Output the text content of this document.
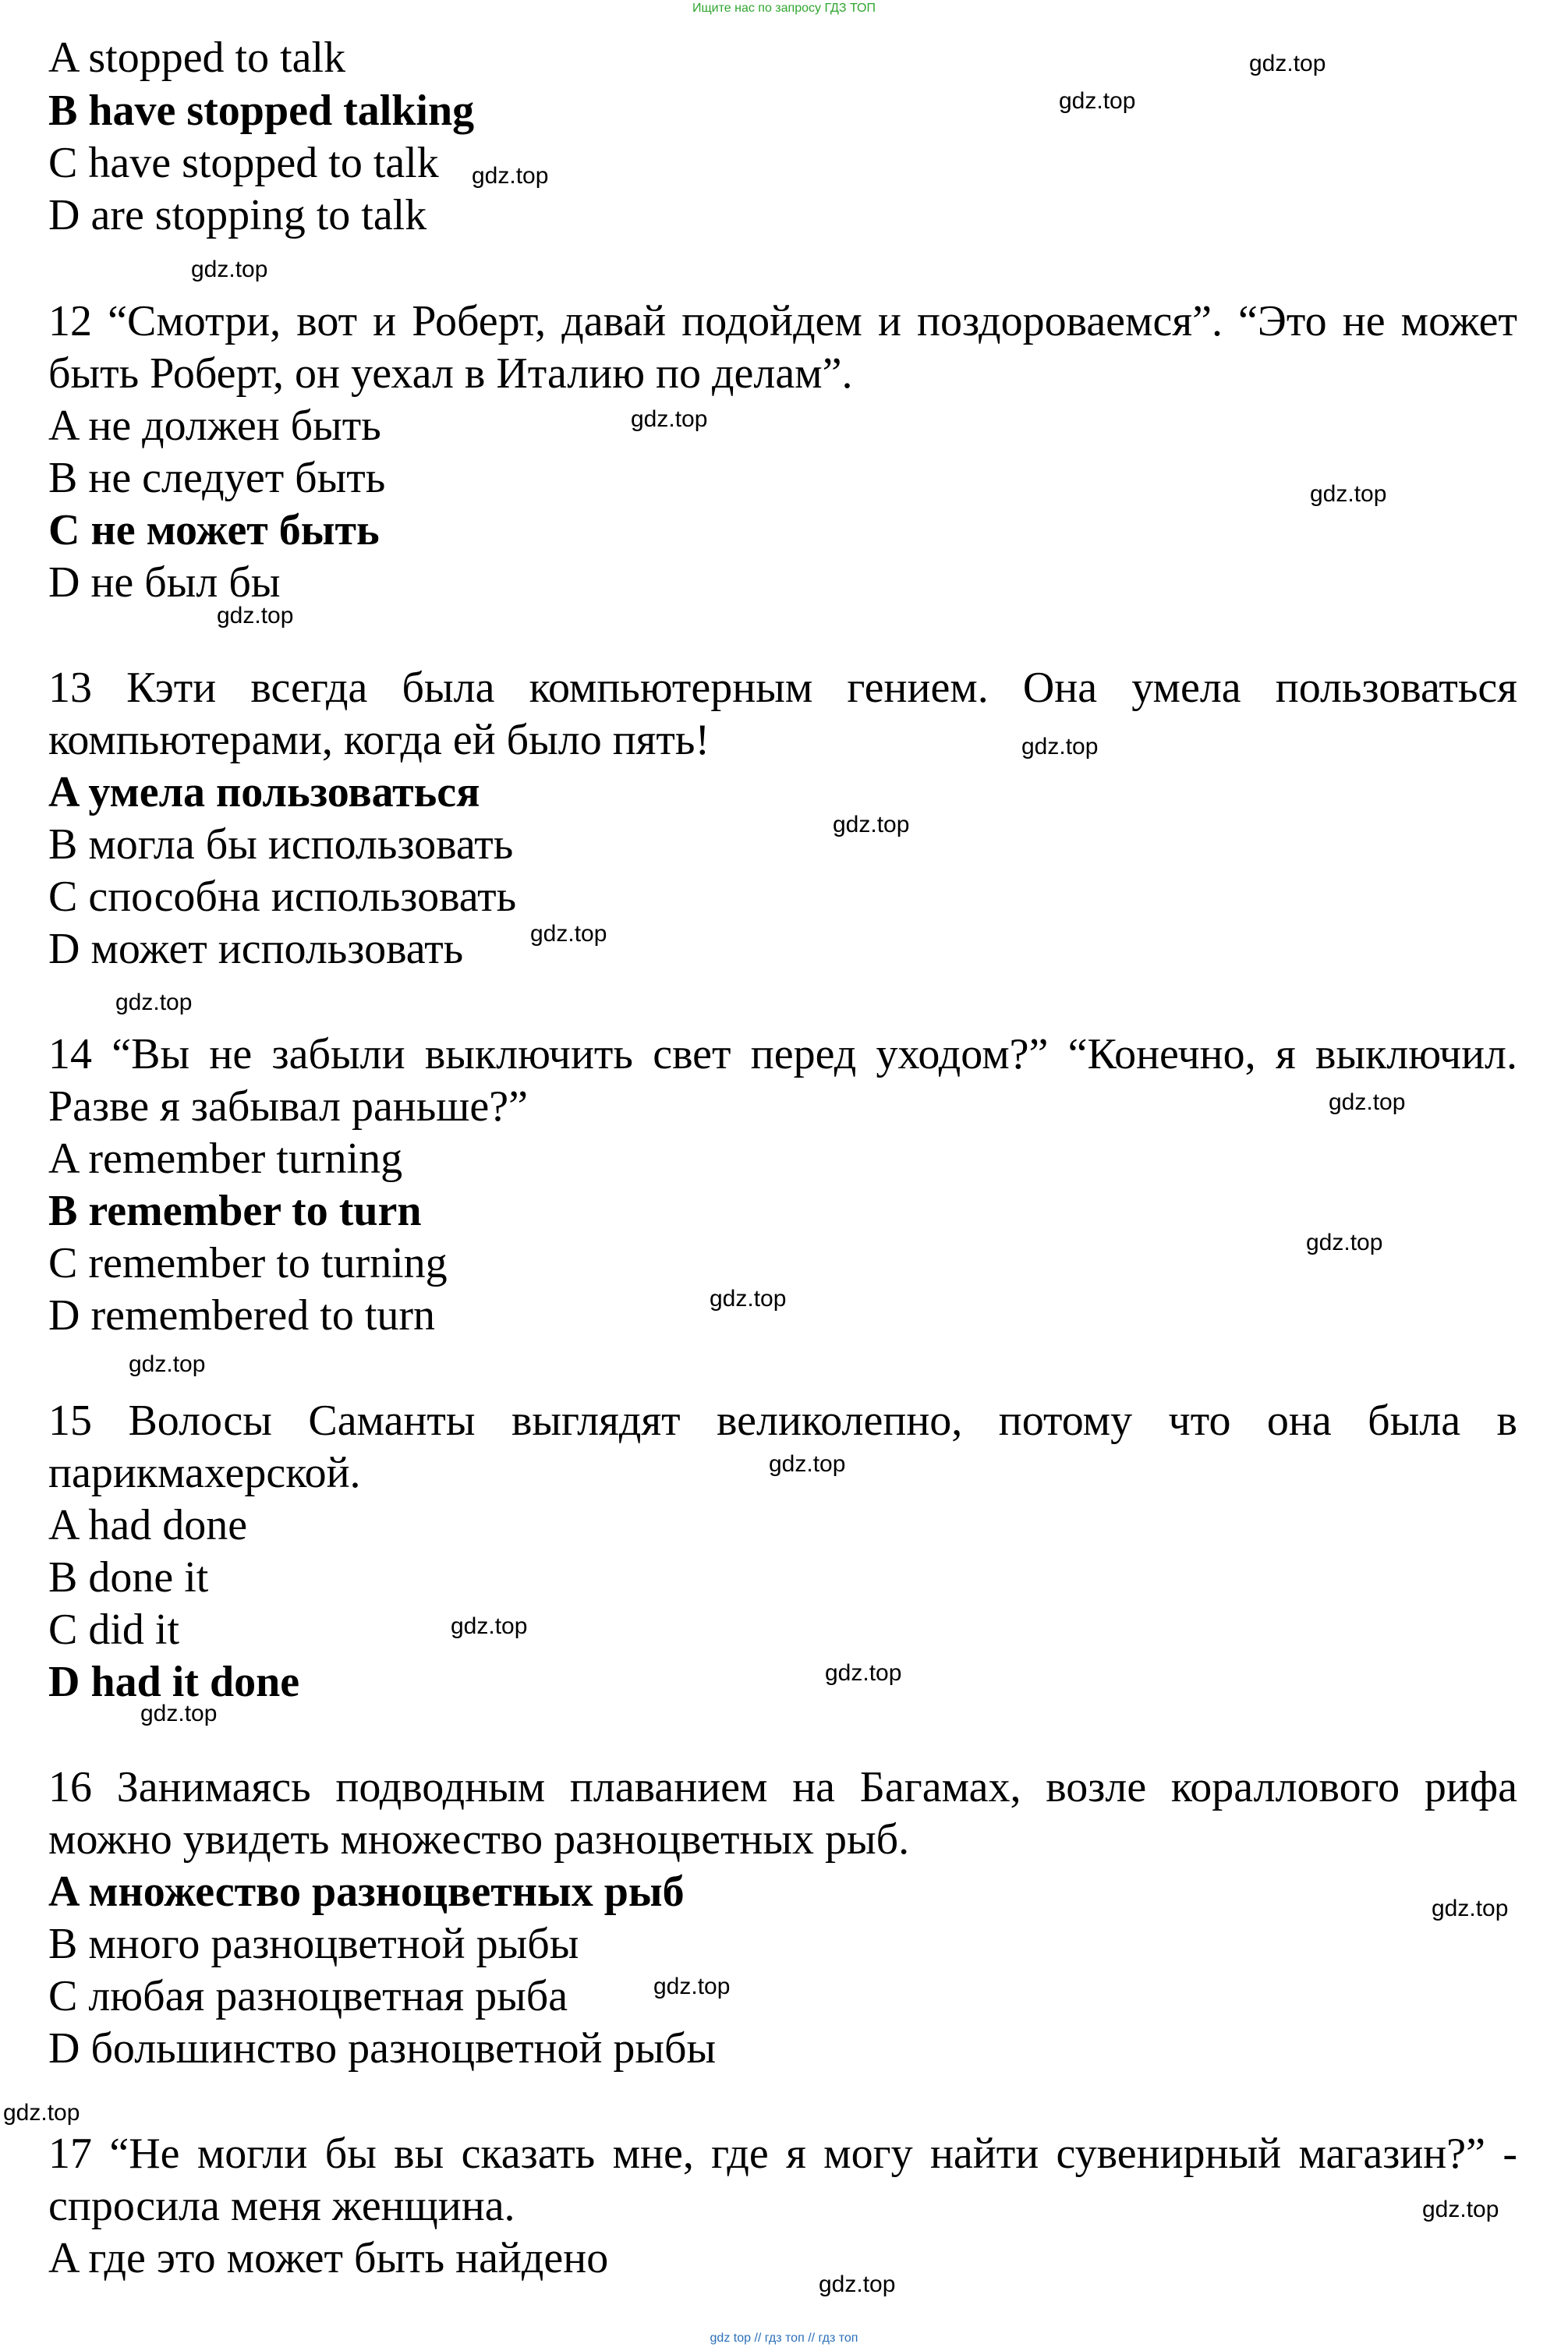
Ищите нас по запросу ГДЗ ТОП
A stopped to talk
B have stopped talking
C have stopped to talk
D are stopping to talk
12 “Смотри, вот и Роберт, давай подойдем и поздороваемся”. “Это не может
быть Роберт, он уехал в Италию по делам”.
A не должен быть
B не следует быть
C не может быть
D не был бы
13 Кэти всегда была компьютерным гением. Она умела пользоваться
компьютерами, когда ей было пять!
A умела пользоваться
B могла бы использовать
C способна использовать
D может использовать
14 “Вы не забыли выключить свет перед уходом?” “Конечно, я выключил.
Разве я забывал раньше?”
A remember turning
B remember to turn
C remember to turning
D remembered to turn
15 Волосы Саманты выглядят великолепно, потому что она была в
парикмахерской.
A had done
B done it
C did it
D had it done
16 Занимаясь подводным плаванием на Багамах, возле кораллового рифа
можно увидеть множество разноцветных рыб.
A множество разноцветных рыб
B много разноцветной рыбы
C любая разноцветная рыба
D большинство разноцветной рыбы
17 “Не могли бы вы сказать мне, где я могу найти сувенирный магазин?” -
спросила меня женщина.
A где это может быть найдено
gdz.top
gdz.top
gdz.top
gdz.top
gdz.top
gdz.top
gdz.top
gdz.top
gdz.top
gdz.top
gdz.top
gdz.top
gdz.top
gdz.top
gdz.top
gdz.top
gdz.top
gdz.top
gdz.top
gdz.top
gdz.top
gdz.top
gdz.top
gdz.top
gdz top // гдз топ // гдз топ
